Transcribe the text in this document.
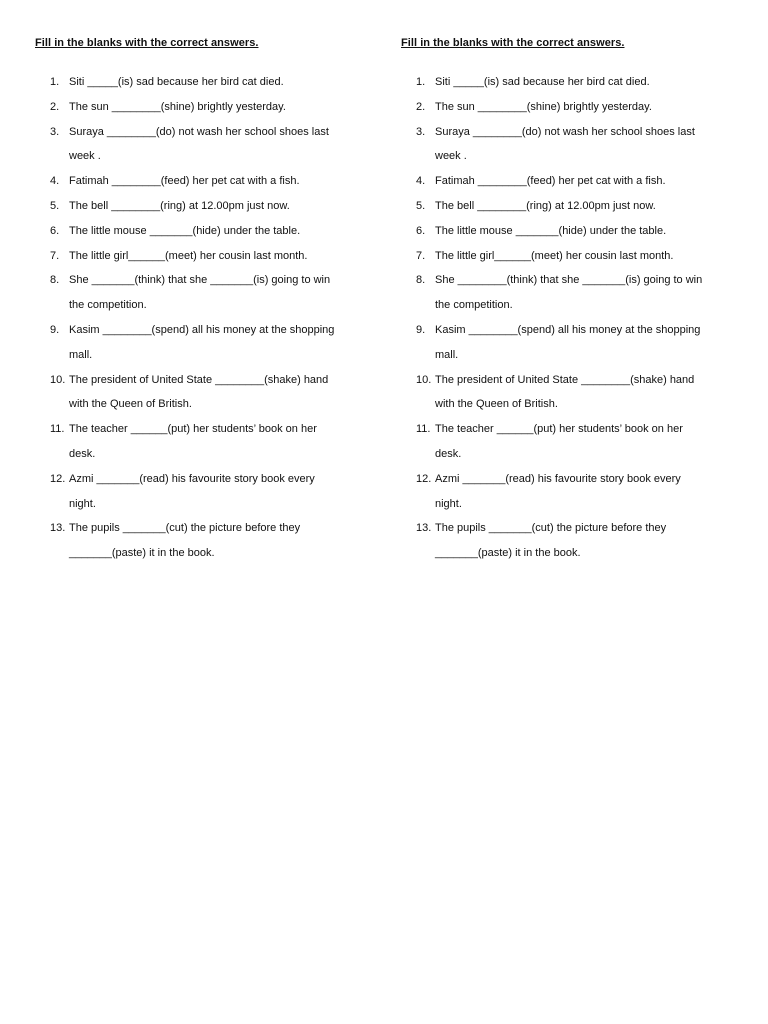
Fill in the blanks with the correct answers.

1. Siti _____(is) sad because her bird cat died.
2. The sun ________(shine) brightly yesterday.
3. Suraya ________(do) not wash her school shoes last
week .
4. Fatimah ________(feed) her pet cat with a fish.
5. The bell ________(ring) at 12.00pm just now.
6. The little mouse _______(hide) under the table.
7. The little girl______(meet) her cousin last month.
8. She _______(think) that she _______(is) going to win
the competition.
9. Kasim ________(spend) all his money at the shopping
mall.
10. The president of United State ________(shake) hand
with the Queen of British.
11. The teacher ______(put) her students’ book on her
desk.
12. Azmi _______(read) his favourite story book every
night.
13. The pupils _______(cut) the picture before they
_______(paste) it in the book.

Fill in the blanks with the correct answers.

1. Siti _____(is) sad because her bird cat died.
2. The sun ________(shine) brightly yesterday.
3. Suraya ________(do) not wash her school shoes last
week .
4. Fatimah ________(feed) her pet cat with a fish.
5. The bell ________(ring) at 12.00pm just now.
6. The little mouse _______(hide) under the table.
7. The little girl______(meet) her cousin last month.
8. She ________(think) that she _______(is) going to win
the competition.
9. Kasim ________(spend) all his money at the shopping
mall.
10. The president of United State ________(shake) hand
with the Queen of British.
11. The teacher ______(put) her students’ book on her
desk.
12. Azmi _______(read) his favourite story book every
night.
13. The pupils _______(cut) the picture before they
_______(paste) it in the book.
